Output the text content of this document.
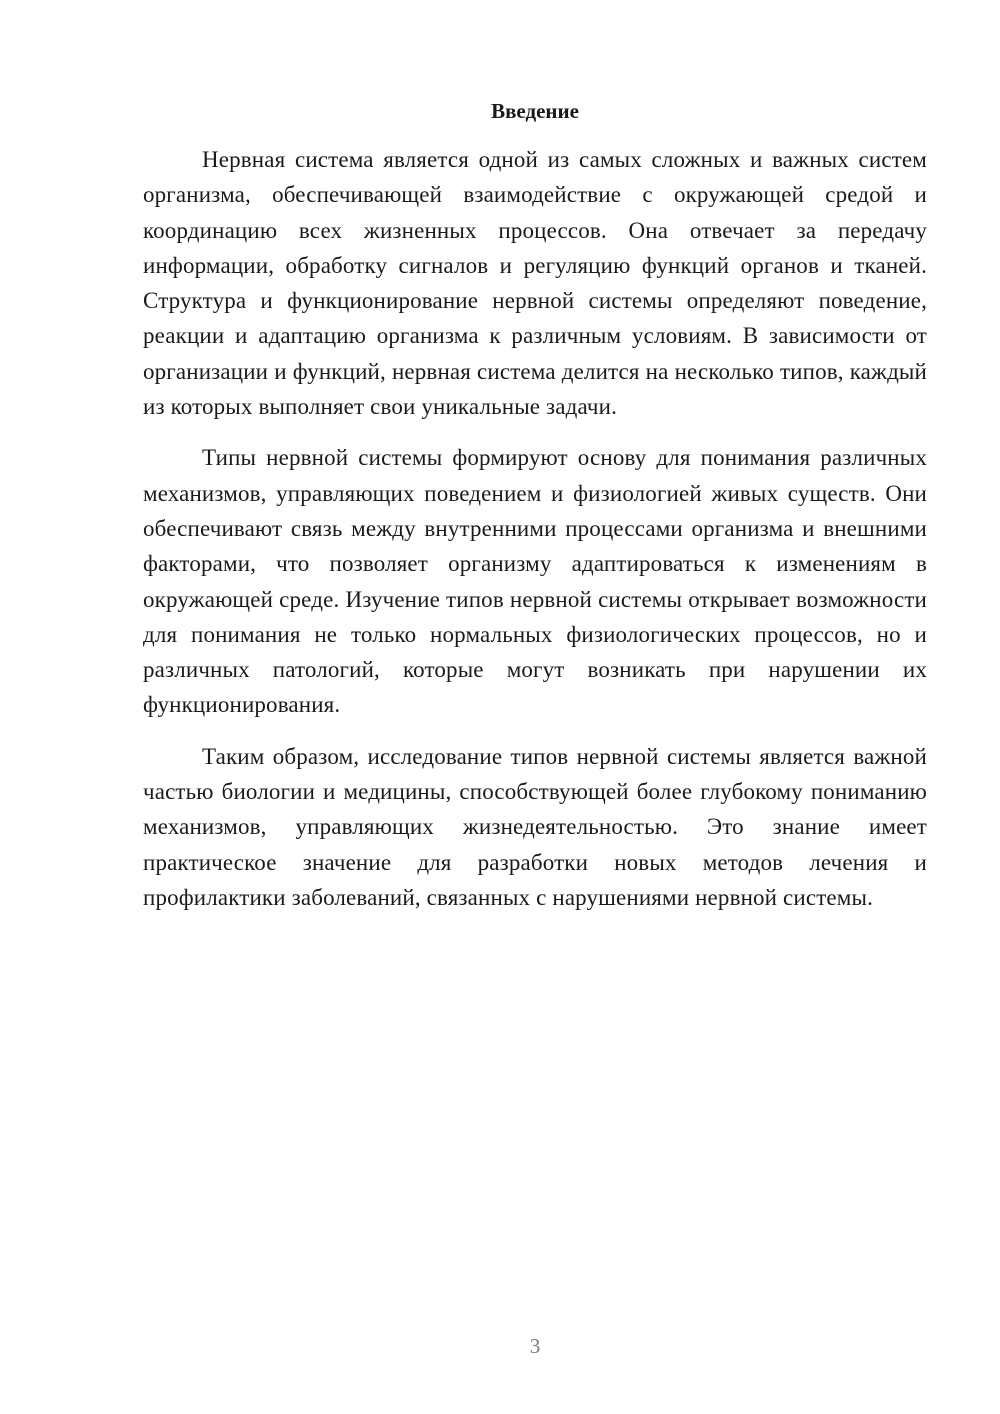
Введение

Нервная система является одной из самых сложных и важных систем организма, обеспечивающей взаимодействие с окружающей средой и координацию всех жизненных процессов. Она отвечает за передачу информации, обработку сигналов и регуляцию функций органов и тканей. Структура и функционирование нервной системы определяют поведение, реакции и адаптацию организма к различным условиям. В зависимости от организации и функций, нервная система делится на несколько типов, каждый из которых выполняет свои уникальные задачи.

Типы нервной системы формируют основу для понимания различных механизмов, управляющих поведением и физиологией живых существ. Они обеспечивают связь между внутренними процессами организма и внешними факторами, что позволяет организму адаптироваться к изменениям в окружающей среде. Изучение типов нервной системы открывает возможности для понимания не только нормальных физиологических процессов, но и различных патологий, которые могут возникать при нарушении их функционирования.

Таким образом, исследование типов нервной системы является важной частью биологии и медицины, способствующей более глубокому пониманию механизмов, управляющих жизнедеятельностью. Это знание имеет практическое значение для разработки новых методов лечения и профилактики заболеваний, связанных с нарушениями нервной системы.

3
